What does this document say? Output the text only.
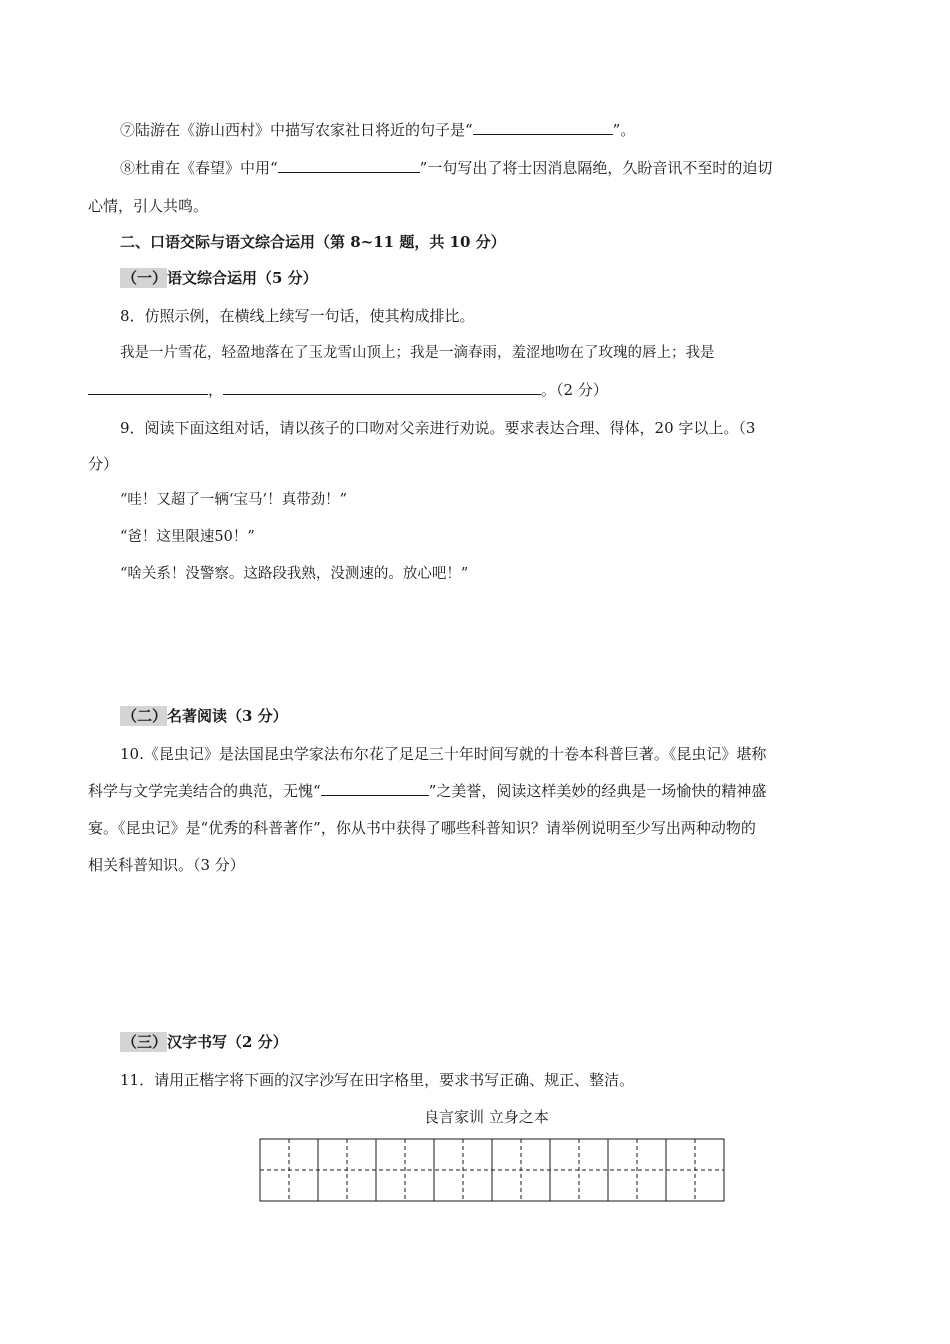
⑦陆游在《游山西村》中描写农家社日将近的句子是“	”。
⑧杜甫在《春望》中用“	”一句写出了将士因消息隔绝，久盼音讯不至时的迫切
心情，引人共鸣。
二、口语交际与语文综合运用（第 8~11 题，共 10 分）
（一）语文综合运用（5 分）
8．仿照示例，在横线上续写一句话，使其构成排比。
我是一片雪花，轻盈地落在了玉龙雪山顶上；我是一滴春雨，羞涩地吻在了玫瑰的唇上；我是
，	。（2 分）
9．阅读下面这组对话，请以孩子的口吻对父亲进行劝说。要求表达合理、得体，20 字以上。（3
分）
“哇！又超了一辆‘宝马’！真带劲！”
“爸！这里限速50！”
“啥关系！没警察。这路段我熟，没测速的。放心吧！”
（二）名著阅读（3 分）
10.《昆虫记》是法国昆虫学家法布尔花了足足三十年时间写就的十卷本科普巨著。《昆虫记》堪称
科学与文学完美结合的典范，无愧“	”之美誉，阅读这样美妙的经典是一场愉快的精神盛
宴。《昆虫记》是“优秀的科普著作”，你从书中获得了哪些科普知识？请举例说明至少写出两种动物的
相关科普知识。（3 分）
（三）汉字书写（2 分）
11．请用正楷字将下画的汉字沙写在田字格里，要求书写正确、规正、整洁。
良言家训 立身之本
